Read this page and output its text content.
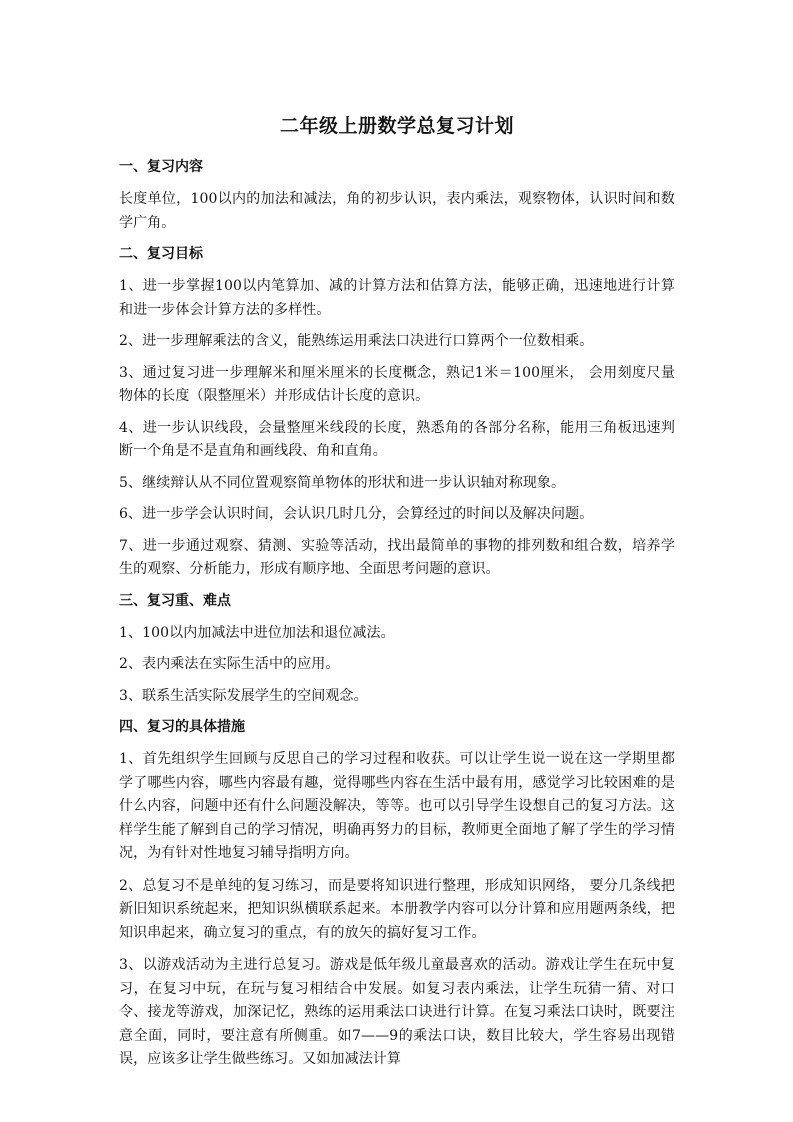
二年级上册数学总复习计划
一、复习内容

长度单位，100以内的加法和减法，角的初步认识，表内乘法，观察物体，认识时间和数学广角。

二、复习目标

1、进一步掌握100以内笔算加、减的计算方法和估算方法，能够正确，迅速地进行计算和进一步体会计算方法的多样性。

2、进一步理解乘法的含义，能熟练运用乘法口决进行口算两个一位数相乘。

3、通过复习进一步理解米和厘米厘米的长度概念，熟记1米＝100厘米， 会用刻度尺量物体的长度（限整厘米）并形成估计长度的意识。

4、进一步认识线段，会量整厘米线段的长度，熟悉角的各部分名称，能用三角板迅速判断一个角是不是直角和画线段、角和直角。

5、继续辩认从不同位置观察简单物体的形状和进一步认识轴对称现象。

6、进一步学会认识时间，会认识几时几分，会算经过的时间以及解决问题。

7、进一步通过观察、猜测、实验等活动，找出最简单的事物的排列数和组合数，培养学生的观察、分析能力，形成有顺序地、全面思考问题的意识。

三、复习重、难点

1、100以内加减法中进位加法和退位减法。

2、表内乘法在实际生活中的应用。

3、联系生活实际发展学生的空间观念。

四、复习的具体措施

1、首先组织学生回顾与反思自己的学习过程和收获。可以让学生说一说在这一学期里都学了哪些内容，哪些内容最有趣，觉得哪些内容在生活中最有用，感觉学习比较困难的是什么内容，问题中还有什么问题没解决，等等。也可以引导学生设想自己的复习方法。这样学生能了解到自己的学习情况，明确再努力的目标，教师更全面地了解了学生的学习情况，为有针对性地复习辅导指明方向。

2、总复习不是单纯的复习练习，而是要将知识进行整理，形成知识网络， 要分几条线把新旧知识系统起来，把知识纵横联系起来。本册教学内容可以分计算和应用题两条线，把知识串起来，确立复习的重点，有的放矢的搞好复习工作。

3、以游戏活动为主进行总复习。游戏是低年级儿童最喜欢的活动。游戏让学生在玩中复习，在复习中玩，在玩与复习相结合中发展。如复习表内乘法，让学生玩猜一猜、对口令、接龙等游戏，加深记忆，熟练的运用乘法口诀进行计算。在复习乘法口诀时，既要注意全面，同时，要注意有所侧重。如7——9的乘法口诀，数目比较大，学生容易出现错误，应该多让学生做些练习。又如加减法计算
